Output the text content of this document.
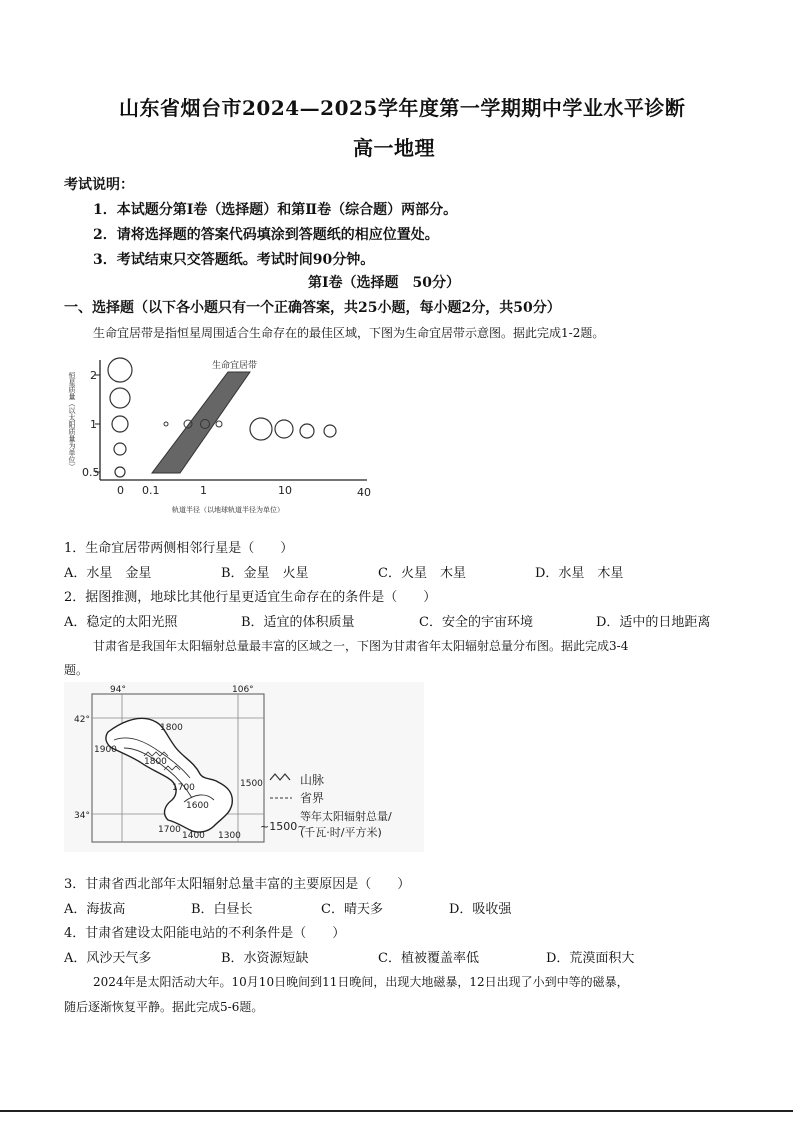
山东省烟台市2024—2025学年度第一学期期中学业水平诊断
高一地理
考试说明：
1．本试题分第Ⅰ卷（选择题）和第Ⅱ卷（综合题）两部分。
2．请将选择题的答案代码填涂到答题纸的相应位置处。
3．考试结束只交答题纸。考试时间90分钟。
第Ⅰ卷（选择题　50分）
一、选择题（以下各小题只有一个正确答案，共25小题，每小题2分，共50分）
生命宜居带是指恒星周围适合生命存在的最佳区域，下图为生命宜居带示意图。据此完成1-2题。
恒星质量（以太阳质量为单位） 2
1
0.5
生命宜居带
0 0.1	1	10	40
轨道半径（以地球轨道半径为单位）
1．生命宜居带两侧相邻行星是（　　）
A．水星　金星	B．金星　火星	C．火星　木星	D．水星　木星
2．据图推测，地球比其他行星更适宜生命存在的条件是（　　）
A．稳定的太阳光照	B．适宜的体积质量	C．安全的宇宙环境	D．适中的日地距离
甘肃省是我国年太阳辐射总量最丰富的区域之一，下图为甘肃省年太阳辐射总量分布图。据此完成3-4
题。
94°	106°
42°
34°
1800
1900
1800
1700
1600
1500
1700
1400 1300
山脉
省界
~1500~
等年太阳辐射总量/
(千瓦·时/平方米)
3．甘肃省西北部年太阳辐射总量丰富的主要原因是（　　）
A．海拔高	B．白昼长	C．晴天多	D．吸收强
4．甘肃省建设太阳能电站的不利条件是（　　）
A．风沙天气多	B．水资源短缺	C．植被覆盖率低	D．荒漠面积大
2024年是太阳活动大年。10月10日晚间到11日晚间，出现大地磁暴，12日出现了小到中等的磁暴，
随后逐渐恢复平静。据此完成5-6题。
